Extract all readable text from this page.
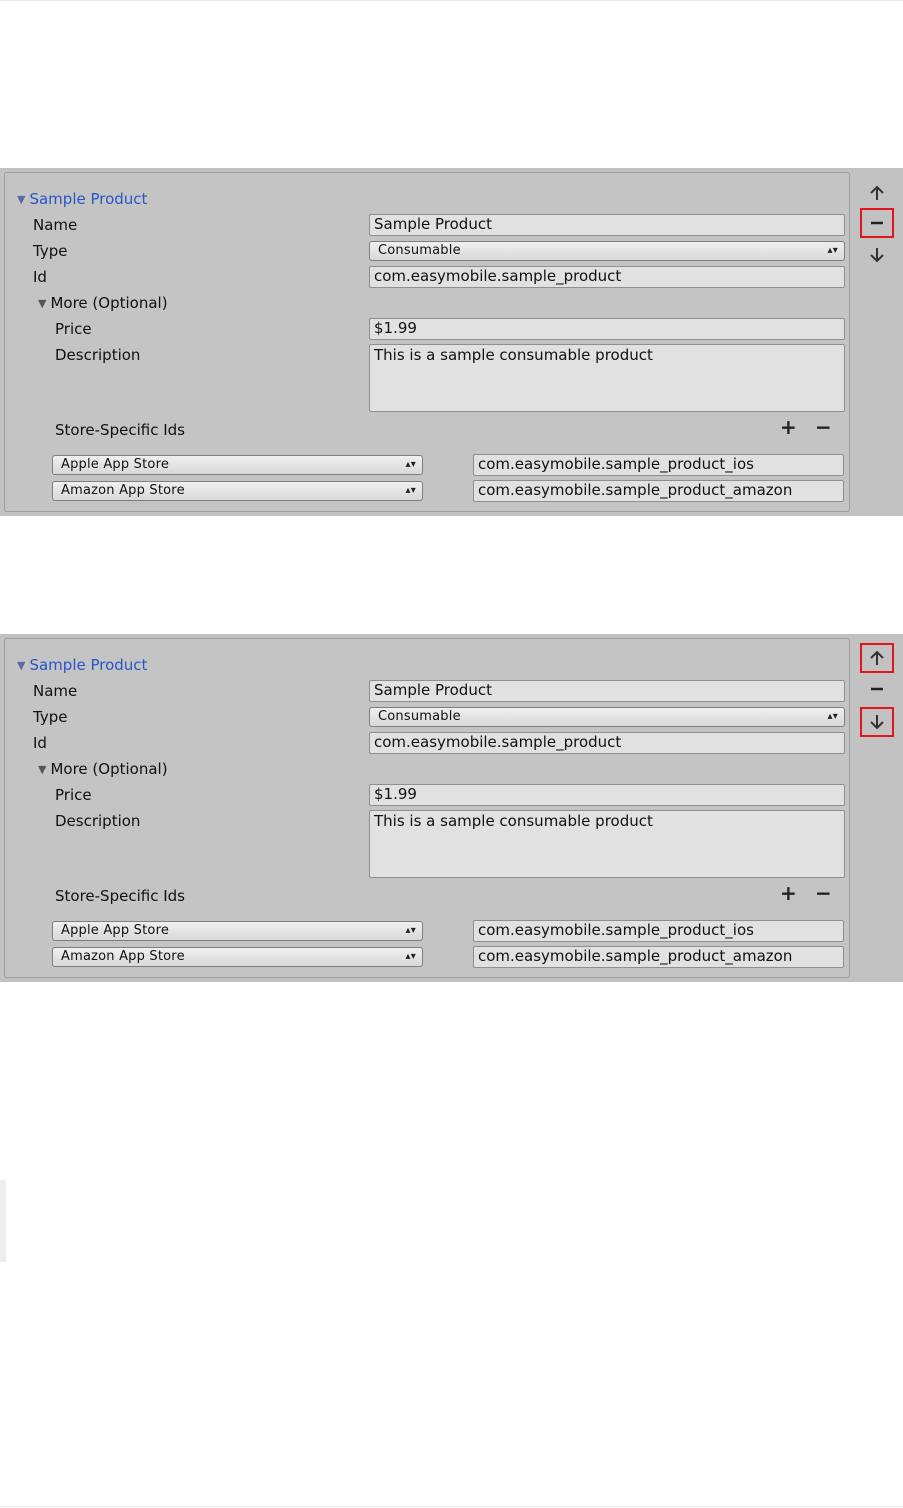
▼ Sample Product
Name	Sample Product
Type	Consumable	▴▾
Id	com.easymobile.sample_product
▼ More (Optional)
Price	$1.99
Description	This is a sample consumable product
Store-Specific Ids	+ −
Apple App Store	▴▾	com.easymobile.sample_product_ios
Amazon App Store	▴▾	com.easymobile.sample_product_amazon
▼ Sample Product
Name	Sample Product
Type	Consumable	▴▾
Id	com.easymobile.sample_product
▼ More (Optional)
Price	$1.99
Description	This is a sample consumable product
Store-Specific Ids	+ −
Apple App Store	▴▾	com.easymobile.sample_product_ios
Amazon App Store	▴▾	com.easymobile.sample_product_amazon
